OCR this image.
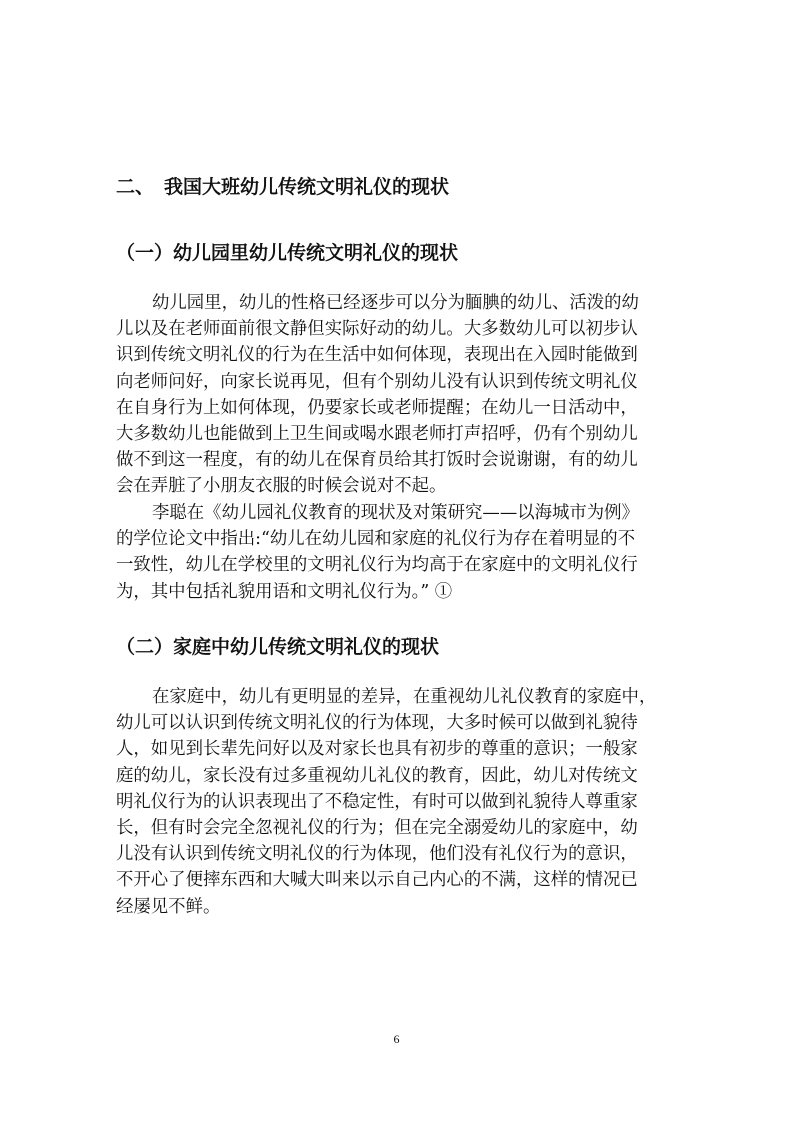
二、 我国大班幼儿传统文明礼仪的现状
（一）幼儿园里幼儿传统文明礼仪的现状

幼儿园里，幼儿的性格已经逐步可以分为腼腆的幼儿、活泼的幼
儿以及在老师面前很文静但实际好动的幼儿。大多数幼儿可以初步认
识到传统文明礼仪的行为在生活中如何体现，表现出在入园时能做到
向老师问好，向家长说再见，但有个别幼儿没有认识到传统文明礼仪
在自身行为上如何体现，仍要家长或老师提醒；在幼儿一日活动中，
大多数幼儿也能做到上卫生间或喝水跟老师打声招呼，仍有个别幼儿
做不到这一程度，有的幼儿在保育员给其打饭时会说谢谢，有的幼儿
会在弄脏了小朋友衣服的时候会说对不起。

李聪在《幼儿园礼仪教育的现状及对策研究——以海城市为例》
的学位论文中指出:“幼儿在幼儿园和家庭的礼仪行为存在着明显的不
一致性，幼儿在学校里的文明礼仪行为均高于在家庭中的文明礼仪行
为，其中包括礼貌用语和文明礼仪行为。” ①

（二）家庭中幼儿传统文明礼仪的现状

在家庭中，幼儿有更明显的差异，在重视幼儿礼仪教育的家庭中，
幼儿可以认识到传统文明礼仪的行为体现，大多时候可以做到礼貌待
人，如见到长辈先问好以及对家长也具有初步的尊重的意识；一般家
庭的幼儿，家长没有过多重视幼儿礼仪的教育，因此，幼儿对传统文
明礼仪行为的认识表现出了不稳定性，有时可以做到礼貌待人尊重家
长，但有时会完全忽视礼仪的行为；但在完全溺爱幼儿的家庭中，幼
儿没有认识到传统文明礼仪的行为体现，他们没有礼仪行为的意识，
不开心了便摔东西和大喊大叫来以示自己内心的不满，这样的情况已
经屡见不鲜。

6
